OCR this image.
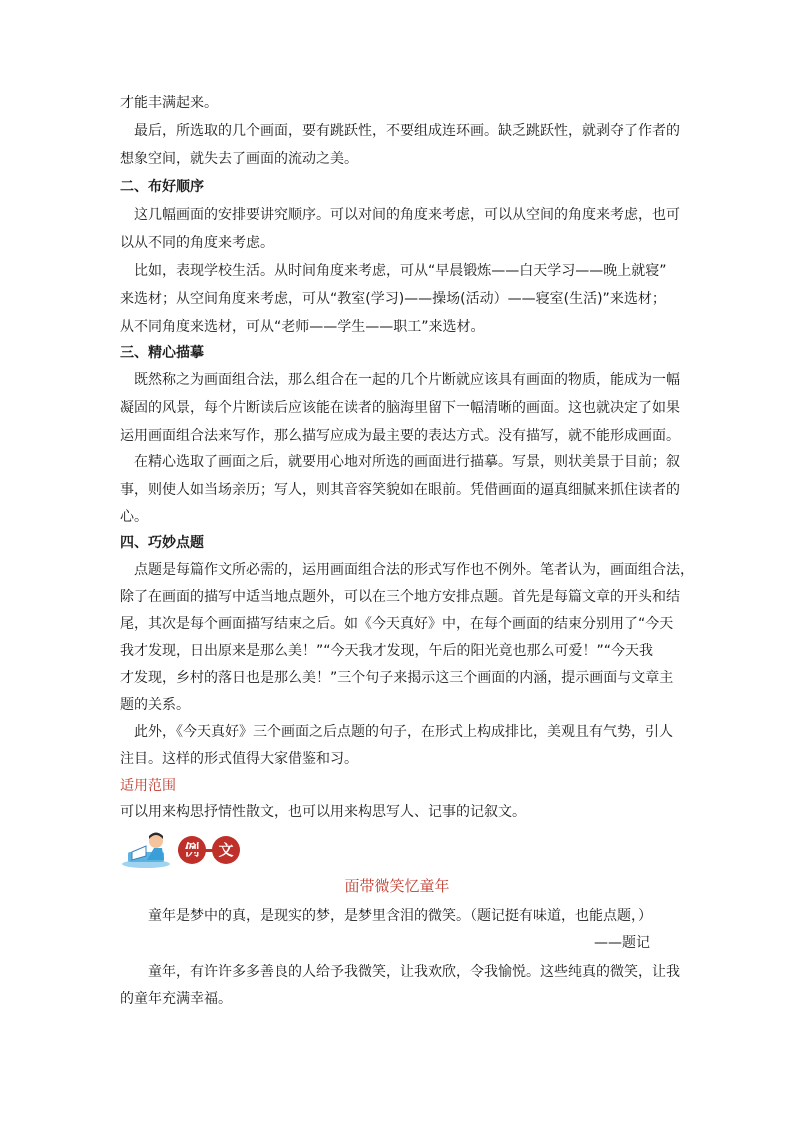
才能丰满起来。
最后，所选取的几个画面，要有跳跃性，不要组成连环画。缺乏跳跃性，就剥夺了作者的
想象空间，就失去了画面的流动之美。
二、布好顺序
这几幅画面的安排要讲究顺序。可以对间的角度来考虑，可以从空间的角度来考虑，也可
以从不同的角度来考虑。
比如，表现学校生活。从时间角度来考虑，可从“早晨锻炼——白天学习——晚上就寝”
来选材；从空间角度来考虑，可从“教室(学习)——操场(活动）——寝室(生活)”来选材；
从不同角度来选材，可从“老师——学生——职工”来选材。
三、精心描摹
既然称之为画面组合法，那么组合在一起的几个片断就应该具有画面的物质，能成为一幅
凝固的风景，每个片断读后应该能在读者的脑海里留下一幅清晰的画面。这也就决定了如果
运用画面组合法来写作，那么描写应成为最主要的表达方式。没有描写，就不能形成画面。
在精心选取了画面之后，就要用心地对所选的画面进行描摹。写景，则状美景于目前；叙
事，则使人如当场亲历；写人，则其音容笑貌如在眼前。凭借画面的逼真细腻来抓住读者的
心。
四、巧妙点题
点题是每篇作文所必需的，运用画面组合法的形式写作也不例外。笔者认为，画面组合法，
除了在画面的描写中适当地点题外，可以在三个地方安排点题。首先是每篇文章的开头和结
尾，其次是每个画面描写结束之后。如《今天真好》中，在每个画面的结束分别用了“今天
我才发现，日出原来是那么美！”“今天我才发现，午后的阳光竟也那么可爱！”“今天我
才发现，乡村的落日也是那么美！”三个句子来揭示这三个画面的内涵，提示画面与文章主
题的关系。
此外，《今天真好》三个画面之后点题的句子，在形式上构成排比，美观且有气势，引人
注目。这样的形式值得大家借鉴和习。
适用范围
可以用来构思抒情性散文，也可以用来构思写人、记事的记叙文。
文
面带微笑忆童年
童年是梦中的真，是现实的梦，是梦里含泪的微笑。（题记挺有味道，也能点题，）
——题记
童年，有许许多多善良的人给予我微笑，让我欢欣，令我愉悦。这些纯真的微笑，让我
的童年充满幸福。
